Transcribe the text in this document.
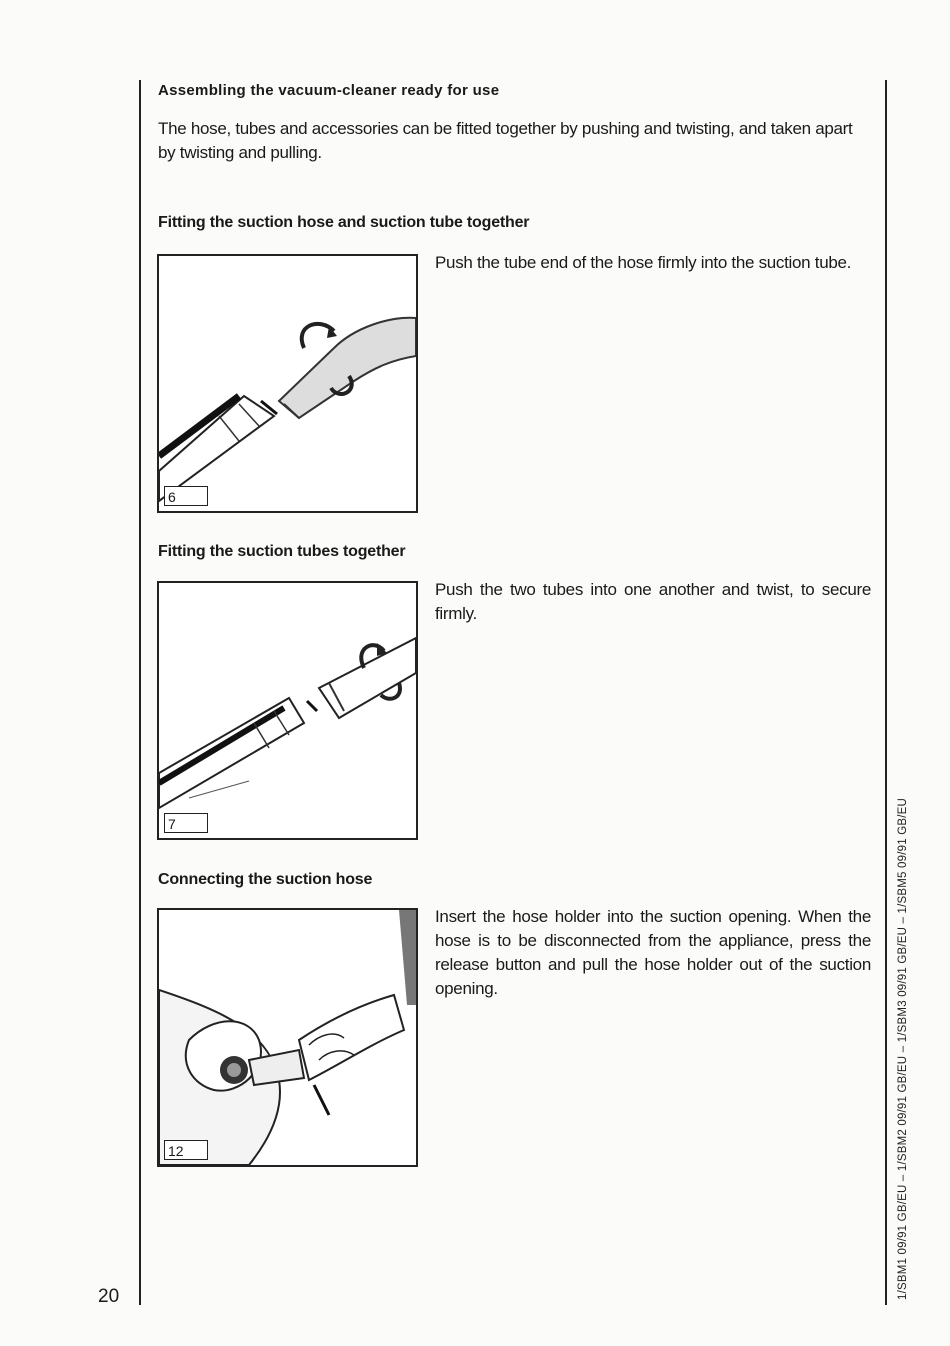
Assembling the vacuum-cleaner ready for use
The hose, tubes and accessories can be fitted together by pushing and twisting, and taken apart by twisting and pulling.
Fitting the suction hose and suction tube together
6
Push the tube end of the hose firmly into the suction tube.
Fitting the suction tubes together
7
Push the two tubes into one another and twist, to secure firmly.
Connecting the suction hose
12
Insert the hose holder into the suction opening. When the hose is to be disconnected from the appliance, press the release button and pull the hose holder out of the suction opening.
20	1/SBM1 09/91 GB/EU – 1/SBM2 09/91 GB/EU – 1/SBM3 09/91 GB/EU – 1/SBM5 09/91 GB/EU
